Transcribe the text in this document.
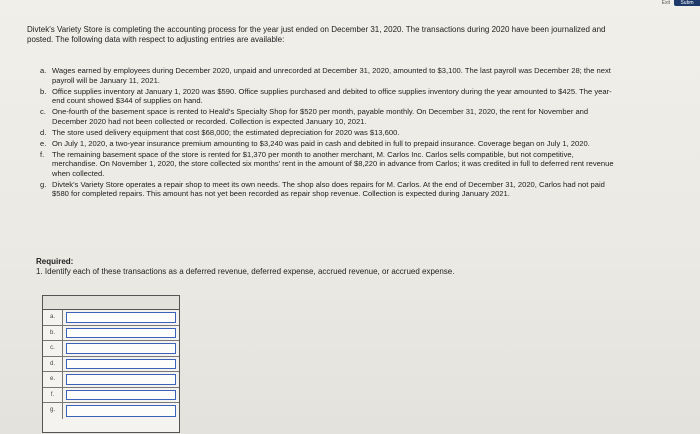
Exit	Subm
Divtek's Variety Store is completing the accounting process for the year just ended on December 31, 2020. The transactions during 2020 have been journalized and posted. The following data with respect to adjusting entries are available:
a. Wages earned by employees during December 2020, unpaid and unrecorded at December 31, 2020, amounted to $3,100. The last payroll was December 28; the next payroll will be January 11, 2021.
b. Office supplies inventory at January 1, 2020 was $590. Office supplies purchased and debited to office supplies inventory during the year amounted to $425. The year-end count showed $344 of supplies on hand.
c. One-fourth of the basement space is rented to Heald's Specialty Shop for $520 per month, payable monthly. On December 31, 2020, the rent for November and December 2020 had not been collected or recorded. Collection is expected January 10, 2021.
d. The store used delivery equipment that cost $68,000; the estimated depreciation for 2020 was $13,600.
e. On July 1, 2020, a two-year insurance premium amounting to $3,240 was paid in cash and debited in full to prepaid insurance. Coverage began on July 1, 2020.
f. The remaining basement space of the store is rented for $1,370 per month to another merchant, M. Carlos Inc. Carlos sells compatible, but not competitive, merchandise. On November 1, 2020, the store collected six months' rent in the amount of $8,220 in advance from Carlos; it was credited in full to deferred rent revenue when collected.
g. Divtek's Variety Store operates a repair shop to meet its own needs. The shop also does repairs for M. Carlos. At the end of December 31, 2020, Carlos had not paid $580 for completed repairs. This amount has not yet been recorded as repair shop revenue. Collection is expected during January 2021.
Required:
1. Identify each of these transactions as a deferred revenue, deferred expense, accrued revenue, or accrued expense.
a.
b.
c.
d.
e.
f.
g.
